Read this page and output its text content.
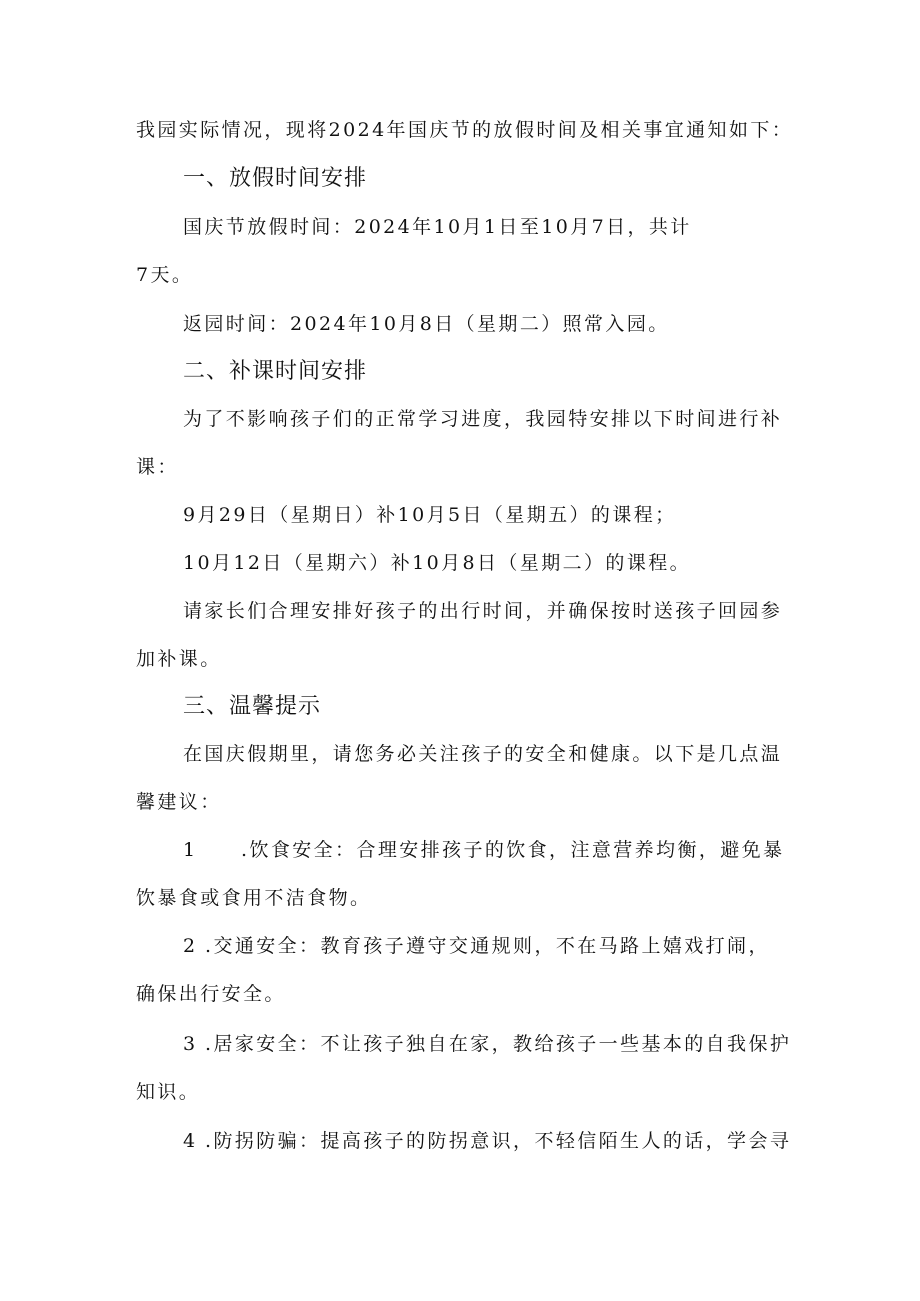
我园实际情况，现将2024年国庆节的放假时间及相关事宜通知如下：
一、放假时间安排
国庆节放假时间：2024年10月1日至10月7日，共计
7天。
返园时间：2024年10月8日（星期二）照常入园。
二、补课时间安排
为了不影响孩子们的正常学习进度，我园特安排以下时间进行补
课：
9月29日（星期日）补10月5日（星期五）的课程；
10月12日（星期六）补10月8日（星期二）的课程。
请家长们合理安排好孩子的出行时间，并确保按时送孩子回园参
加补课。
三、温馨提示
在国庆假期里，请您务必关注孩子的安全和健康。以下是几点温
馨建议：
1 .饮食安全：合理安排孩子的饮食，注意营养均衡，避免暴
饮暴食或食用不洁食物。
2 .交通安全：教育孩子遵守交通规则，不在马路上嬉戏打闹，
确保出行安全。
3 .居家安全：不让孩子独自在家，教给孩子一些基本的自我保护
知识。
4 .防拐防骗：提高孩子的防拐意识，不轻信陌生人的话，学会寻
